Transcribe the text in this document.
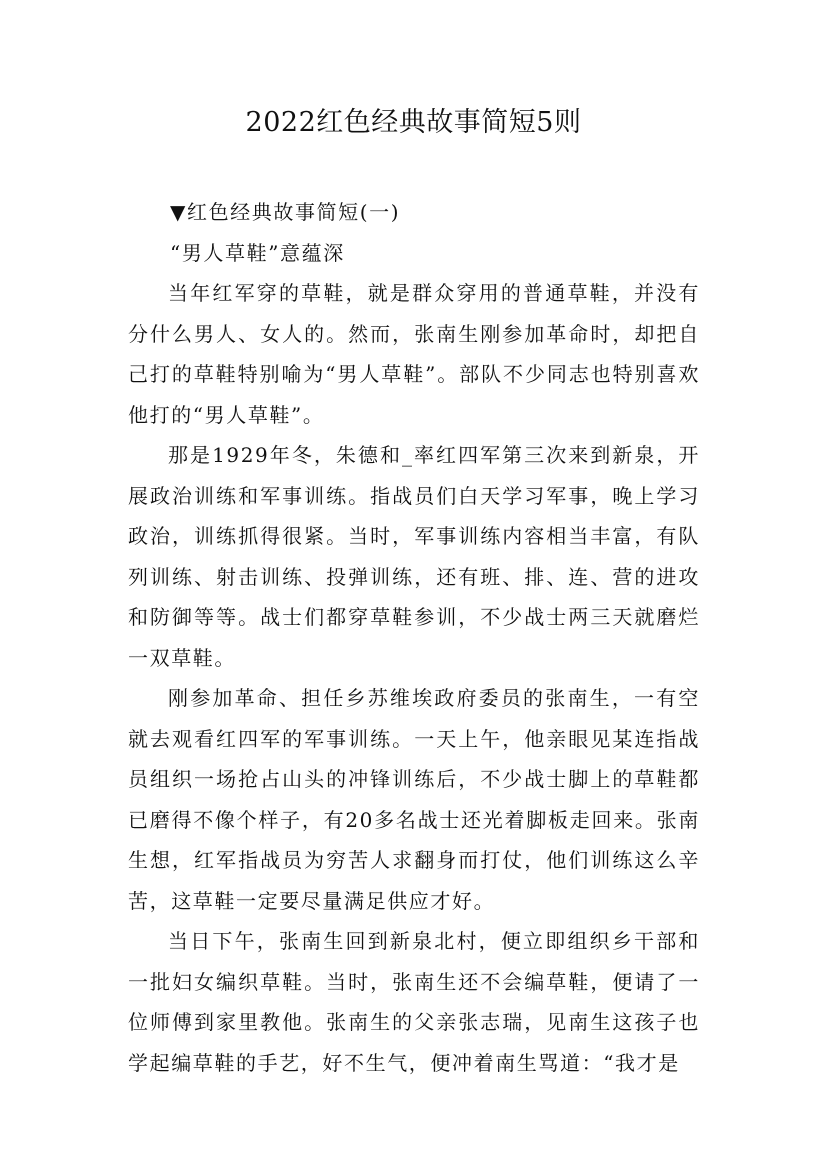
2022红色经典故事简短5则

▼红色经典故事简短(一)

“男人草鞋”意蕴深

当年红军穿的草鞋，就是群众穿用的普通草鞋，并没有分什么男人、女人的。然而，张南生刚参加革命时，却把自己打的草鞋特别喻为“男人草鞋”。部队不少同志也特别喜欢他打的“男人草鞋”。

那是1929年冬，朱德和_率红四军第三次来到新泉，开展政治训练和军事训练。指战员们白天学习军事，晚上学习政治，训练抓得很紧。当时，军事训练内容相当丰富，有队列训练、射击训练、投弹训练，还有班、排、连、营的进攻和防御等等。战士们都穿草鞋参训，不少战士两三天就磨烂一双草鞋。

刚参加革命、担任乡苏维埃政府委员的张南生，一有空就去观看红四军的军事训练。一天上午，他亲眼见某连指战员组织一场抢占山头的冲锋训练后，不少战士脚上的草鞋都已磨得不像个样子，有20多名战士还光着脚板走回来。张南生想，红军指战员为穷苦人求翻身而打仗，他们训练这么辛苦，这草鞋一定要尽量满足供应才好。

当日下午，张南生回到新泉北村，便立即组织乡干部和一批妇女编织草鞋。当时，张南生还不会编草鞋，便请了一位师傅到家里教他。张南生的父亲张志瑞，见南生这孩子也学起编草鞋的手艺，好不生气，便冲着南生骂道：“我才是
